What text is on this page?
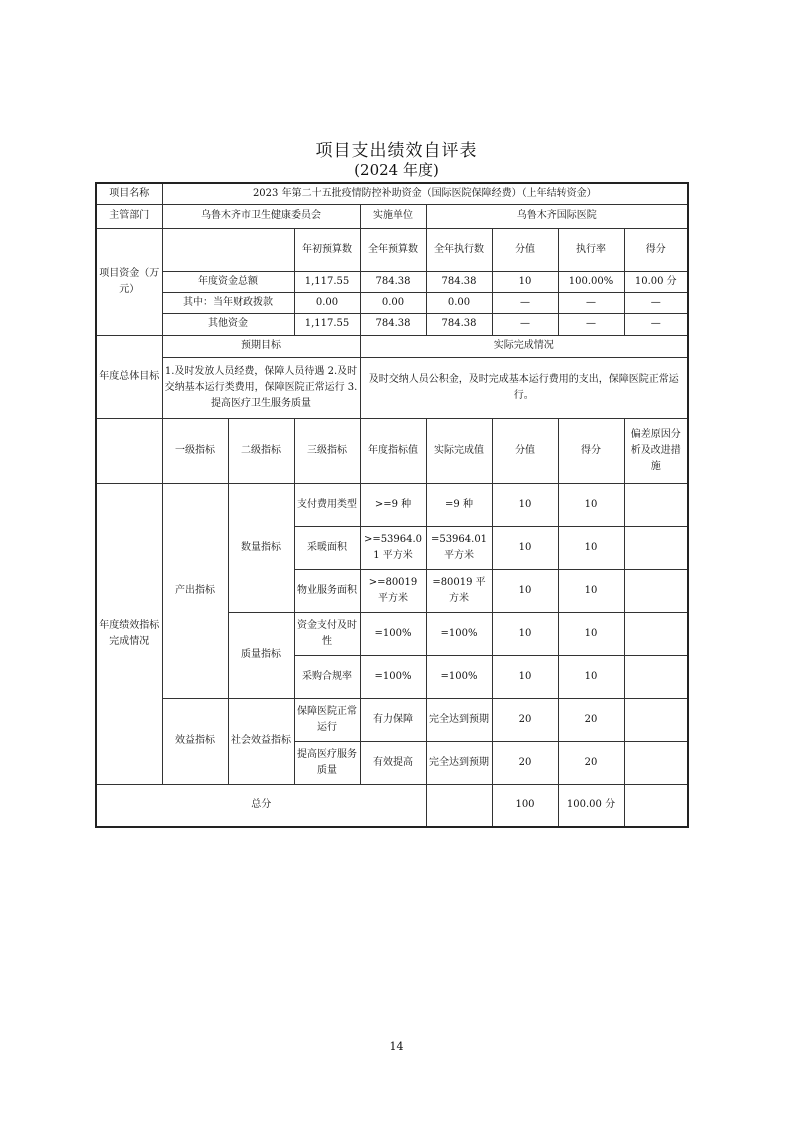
项目支出绩效自评表
(2024 年度)
项目名称	2023 年第二十五批疫情防控补助资金（国际医院保障经费）（上年结转资金）							
主管部门	乌鲁木齐市卫生健康委员会			实施单位	乌鲁木齐国际医院			
项目资金（万元）			年初预算数	全年预算数	全年执行数	分值	执行率	得分
	年度资金总额		1,117.55	784.38	784.38	10	100.00%	10.00 分
	其中：当年财政拨款		0.00	0.00	0.00	—	—	—
	其他资金		1,117.55	784.38	784.38	—	—	—
年度总体目标	预期目标			实际完成情况				
	1.及时发放人员经费，保障人员待遇 2.及时交纳基本运行类费用，保障医院正常运行 3.提高医疗卫生服务质量			及时交纳人员公积金，及时完成基本运行费用的支出，保障医院正常运行。				
	一级指标	二级指标	三级指标	年度指标值	实际完成值	分值	得分	偏差原因分析及改进措施
年度绩效指标完成情况	产出指标	数量指标	支付费用类型	>=9 种	=9 种	10	10	
			采暖面积	>=53964.01 平方米	=53964.01 平方米	10	10	
			物业服务面积	>=80019 平方米	=80019 平方米	10	10	
		质量指标	资金支付及时性	=100%	=100%	10	10	
			采购合规率	=100%	=100%	10	10	
	效益指标	社会效益指标	保障医院正常运行	有力保障	完全达到预期	20	20	
			提高医疗服务质量	有效提高	完全达到预期	20	20	
总分						100	100.00 分	
14
